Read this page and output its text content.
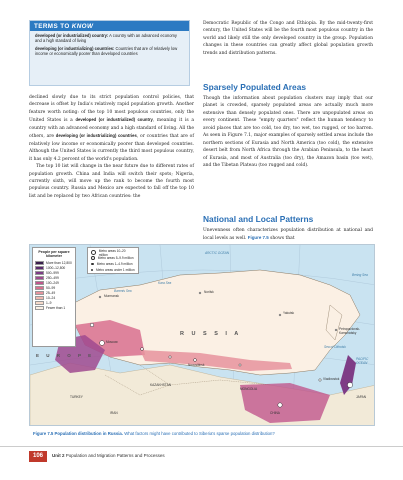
TERMS TO KNOW
developed (or industrialized) country: A country with an advanced economy and a high standard of living
developing (or industrializing) countries: Countries that are of relatively low income or economically poorer than developed countries

declined slowly due to its strict population control policies, that decrease is offset by India's relatively rapid population growth. Another feature worth noting: of the top 10 most populous countries, only the United States is a developed (or industrialized) country, meaning it is a country with an advanced economy and a high standard of living. All the others, are developing (or industrializing) countries, or countries that are of relatively low income or economically poorer than developed countries. Although the United States is currently the third most populous country, it has only 4.2 percent of the world's population.

The top 10 list will change in the near future due to different rates of population growth. China and India will switch their spots; Nigeria, currently sixth, will move up the rank to become the fourth most populous country. Russia and Mexico are expected to fall off the top 10 list and be replaced by two African countries: the

Democratic Republic of the Congo and Ethiopia. By the mid-twenty-first century, the United States will be the fourth most populous country in the world and likely still the only developed country in the group. Population changes in these countries can greatly affect global population growth trends and distribution patterns.

Sparsely Populated Areas
Though the information about population clusters may imply that our planet is crowded, sparsely populated areas are actually much more extensive than densely populated ones. There are unpopulated areas on every continent. These "empty quarters" reflect the human tendency to avoid places that are too cold, too dry, too wet, too rugged, or too barren. As seen in Figure 7.1, major examples of sparsely settled areas include the northern sections of Eurasia and North America (too cold), the extensive desert belt from North Africa through the Arabian Peninsula, to the heart of Eurasia, and most of Australia (too dry), the Amazon basin (too wet), and the Tibetan Plateau (too rugged and cold).
National and Local Patterns
Unevenness often characterizes population distribution at national and local levels as well. Figure 7.5 shows that
People per square kilometer
More than 12,800
1000–12,800
500–999
250–499
100–249
50–99
25–49
10–24
1–9
Fewer than 1
Metro areas 10–20 million
Metro areas 5–9.9 million
Metro areas 1–4.9 million
Metro areas under 1 million
ARCTIC OCEAN
PACIFIC OCEAN
Bering Sea
Sea of Okhotsk
Barents Sea
Kara Sea
R U S S I A
E U R O P E
KAZAKHSTAN
MONGOLIA
CHINA
TURKEY
IRAN
JAPAN
Moscow
Yakutsk
Novosibirsk
Petropavlovsk-Kamchatsky
Vladivostok
Norilsk
Murmansk
Figure 7.5 Population distribution in Russia. What factors might have contributed to Siberia's sparse population distribution?
106	Unit 2 Population and Migration Patterns and Processes
